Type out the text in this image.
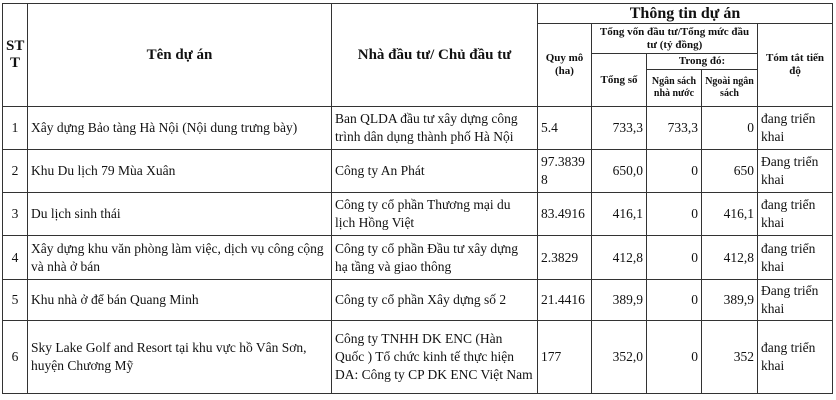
ST T	Tên dự án	Nhà đầu tư/ Chủ đầu tư	Thông tin dự án				
			Quy mô (ha)	Tổng vốn đầu tư/Tổng mức đầu tư (tỷ đồng)			Tóm tắt tiến độ
				Tổng số	Trong đó:		
					Ngân sách nhà nước	Ngoài ngân sách	
1	Xây dựng Bảo tàng Hà Nội (Nội dung trưng bày)	Ban QLDA đầu tư xây dựng công trình dân dụng thành phố Hà Nội	5.4	733,3	733,3	0	đang triển khai
2	Khu Du lịch 79 Mùa Xuân	Công ty An Phát	97.38398	650,0	0	650	Đang triển khai
3	Du lịch sinh thái	Công ty cổ phần Thương mại du lịch Hồng Việt	83.4916	416,1	0	416,1	đang triển khai
4	Xây dựng khu văn phòng làm việc, dịch vụ công cộng và nhà ở bán	Công ty cổ phần Đầu tư xây dựng hạ tầng và giao thông	2.3829	412,8	0	412,8	đang triển khai
5	Khu nhà ở để bán Quang Minh	Công ty cổ phần Xây dựng số 2	21.4416	389,9	0	389,9	Đang triển khai
6	Sky Lake Golf and Resort tại khu vực hồ Vân Sơn, huyện Chương Mỹ	Công ty TNHH DK ENC (Hàn Quốc ) Tổ chức kinh tế thực hiện DA: Công ty CP DK ENC Việt Nam	177	352,0	0	352	đang triển khai
